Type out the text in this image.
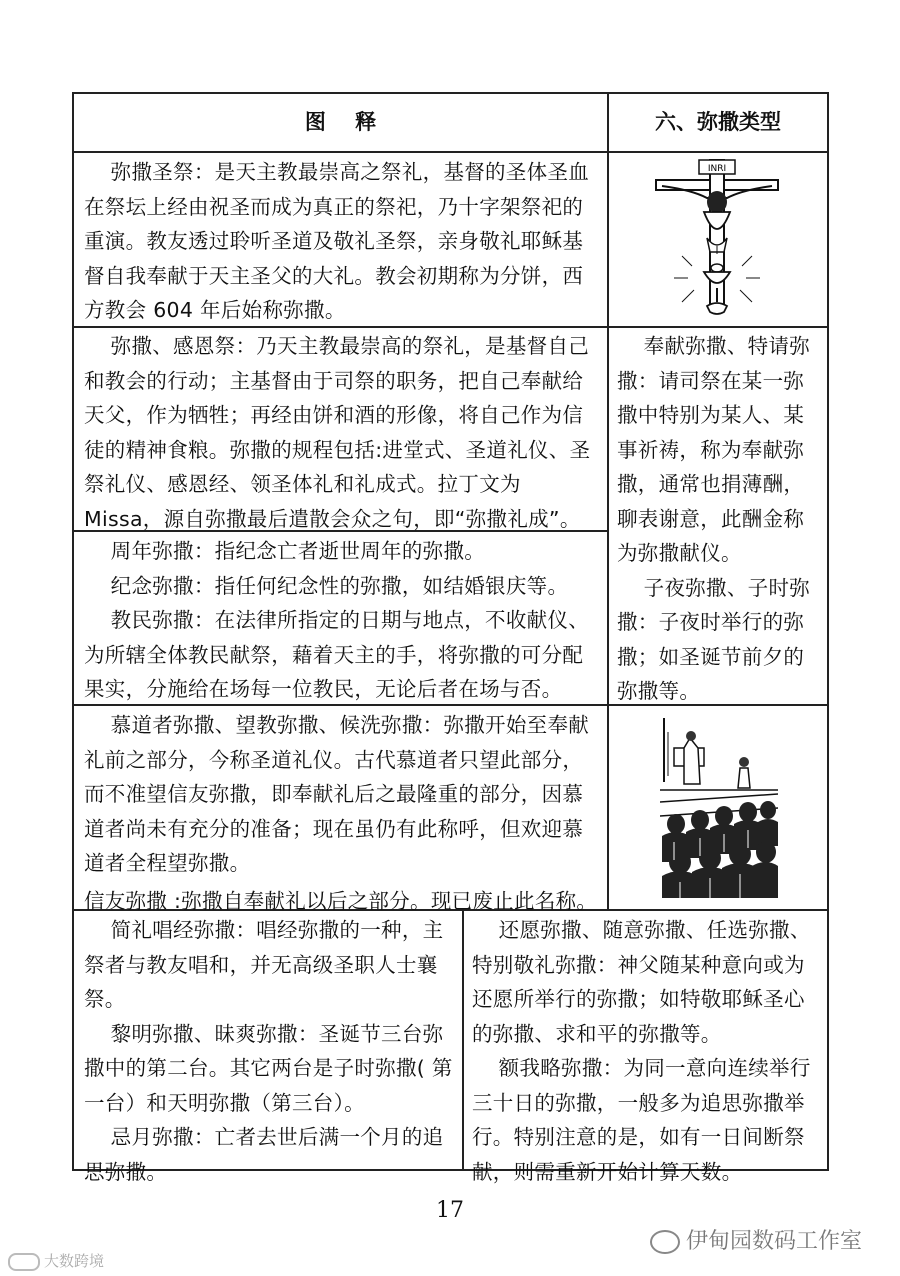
图    释	六、弥撒类型

弥撒圣祭：是天主教最崇高之祭礼，基督的圣体圣血在祭坛上经由祝圣而成为真正的祭祀，乃十字架祭祀的重演。教友透过聆听圣道及敬礼圣祭，亲身敬礼耶稣基督自我奉献于天主圣父的大礼。教会初期称为分饼，西方教会 604 年后始称弥撒。

INRI

弥撒、感恩祭：乃天主教最崇高的祭礼，是基督自己和教会的行动；主基督由于司祭的职务，把自己奉献给天父，作为牺牲；再经由饼和酒的形像，将自己作为信徒的精神食粮。弥撒的规程包括:进堂式、圣道礼仪、圣祭礼仪、感恩经、领圣体礼和礼成式。拉丁文为 Missa，源自弥撒最后遣散会众之句，即“弥撒礼成”。

周年弥撒：指纪念亡者逝世周年的弥撒。

纪念弥撒：指任何纪念性的弥撒，如结婚银庆等。

教民弥撒：在法律所指定的日期与地点，不收献仪、为所辖全体教民献祭，藉着天主的手，将弥撒的可分配果实，分施给在场每一位教民，无论后者在场与否。

奉献弥撒、特请弥撒：请司祭在某一弥撒中特别为某人、某事祈祷，称为奉献弥撒，通常也捐薄酬，聊表谢意，此酬金称为弥撒献仪。

子夜弥撒、子时弥撒：子夜时举行的弥撒；如圣诞节前夕的弥撒等。

慕道者弥撒、望教弥撒、候洗弥撒：弥撒开始至奉献礼前之部分，今称圣道礼仪。古代慕道者只望此部分，而不准望信友弥撒，即奉献礼后之最隆重的部分，因慕道者尚未有充分的准备；现在虽仍有此称呼，但欢迎慕道者全程望弥撒。

信友弥撒 :弥撒自奉献礼以后之部分。现已废止此名称。

简礼唱经弥撒：唱经弥撒的一种，主祭者与教友唱和，并无高级圣职人士襄祭。

黎明弥撒、昧爽弥撒：圣诞节三台弥撒中的第二台。其它两台是子时弥撒( 第一台）和天明弥撒（第三台）。

忌月弥撒：亡者去世后满一个月的追思弥撒。

还愿弥撒、随意弥撒、任选弥撒、特别敬礼弥撒：神父随某种意向或为还愿所举行的弥撒；如特敬耶稣圣心的弥撒、求和平的弥撒等。

额我略弥撒：为同一意向连续举行三十日的弥撒，一般多为追思弥撒举行。特别注意的是，如有一日间断祭献，则需重新开始计算天数。

17
伊甸园数码工作室
大数跨境
